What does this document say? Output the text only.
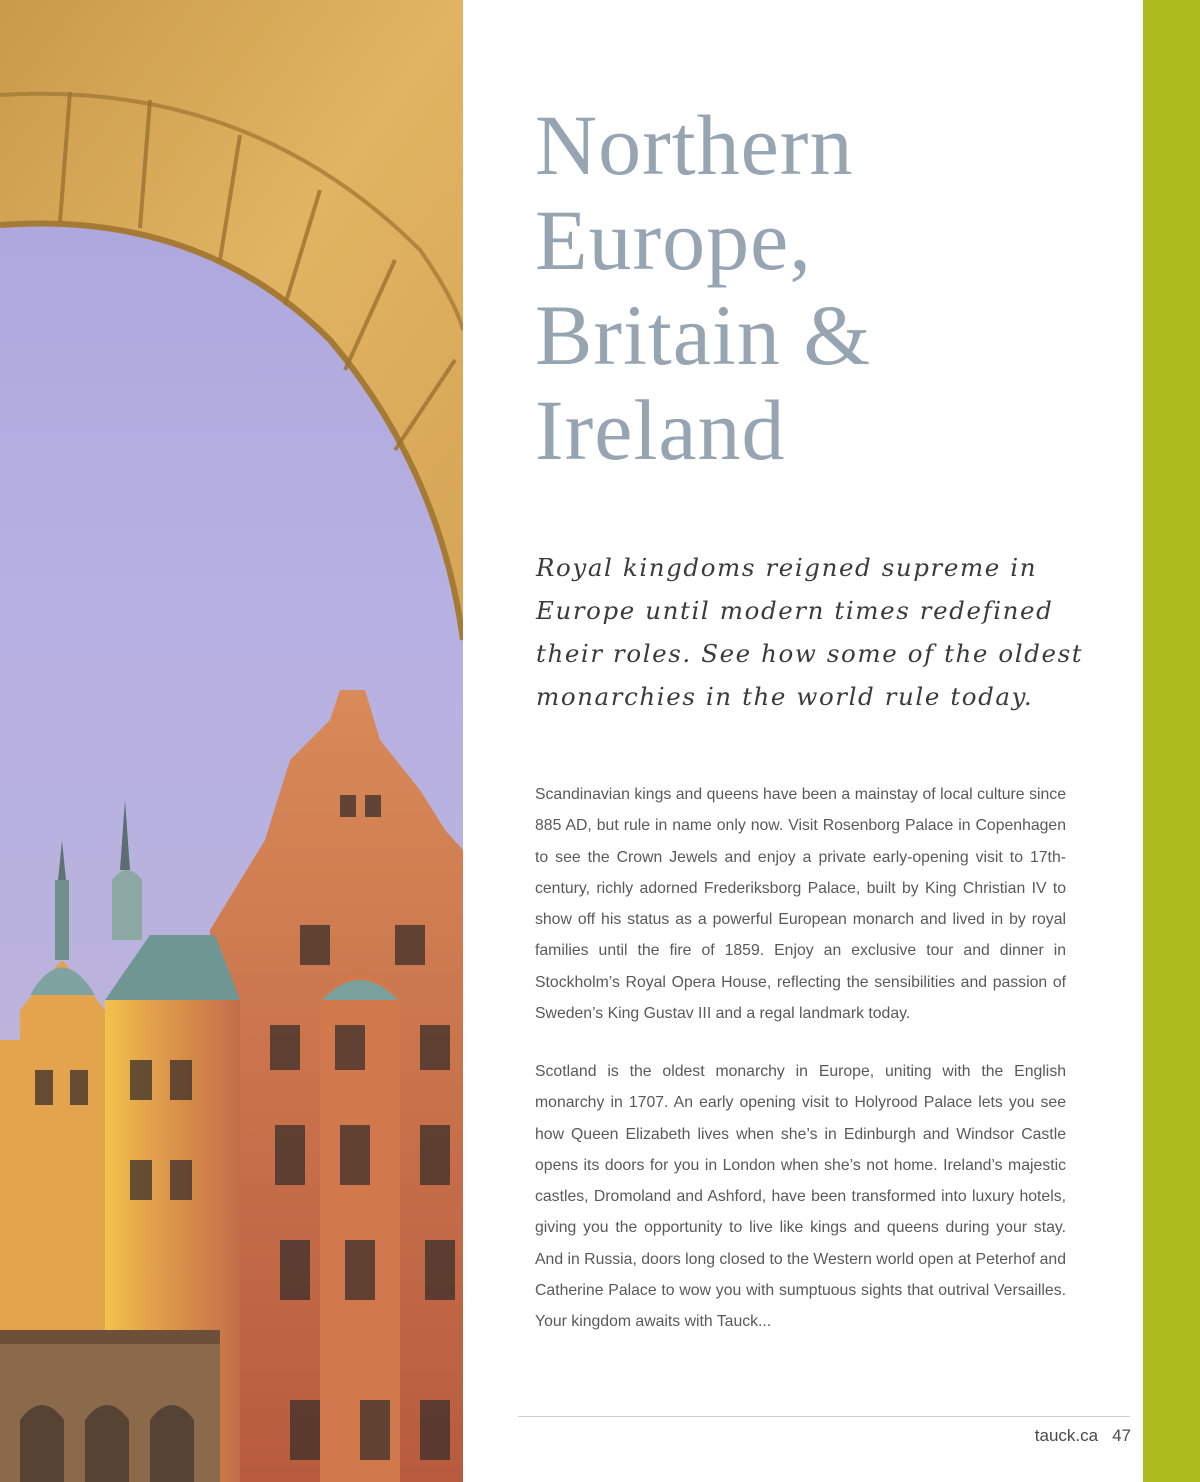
Northern
Europe,
Britain &
Ireland

Royal kingdoms reigned supreme in Europe until modern times redefined their roles. See how some of the oldest monarchies in the world rule today.

Scandinavian kings and queens have been a mainstay of local culture since 885 AD, but rule in name only now. Visit Rosenborg Palace in Copenhagen to see the Crown Jewels and enjoy a private early-opening visit to 17th-century, richly adorned Frederiksborg Palace, built by King Christian IV to show off his status as a powerful European monarch and lived in by royal families until the fire of 1859. Enjoy an exclusive tour and dinner in Stockholm’s Royal Opera House, reflecting the sensibilities and passion of Sweden’s King Gustav III and a regal landmark today.

Scotland is the oldest monarchy in Europe, uniting with the English monarchy in 1707. An early opening visit to Holyrood Palace lets you see how Queen Elizabeth lives when she’s in Edinburgh and Windsor Castle opens its doors for you in London when she’s not home. Ireland’s majestic castles, Dromoland and Ashford, have been transformed into luxury hotels, giving you the opportunity to live like kings and queens during your stay. And in Russia, doors long closed to the Western world open at Peterhof and Catherine Palace to wow you with sumptuous sights that outrival Versailles. Your kingdom awaits with Tauck...

tauck.ca 47
